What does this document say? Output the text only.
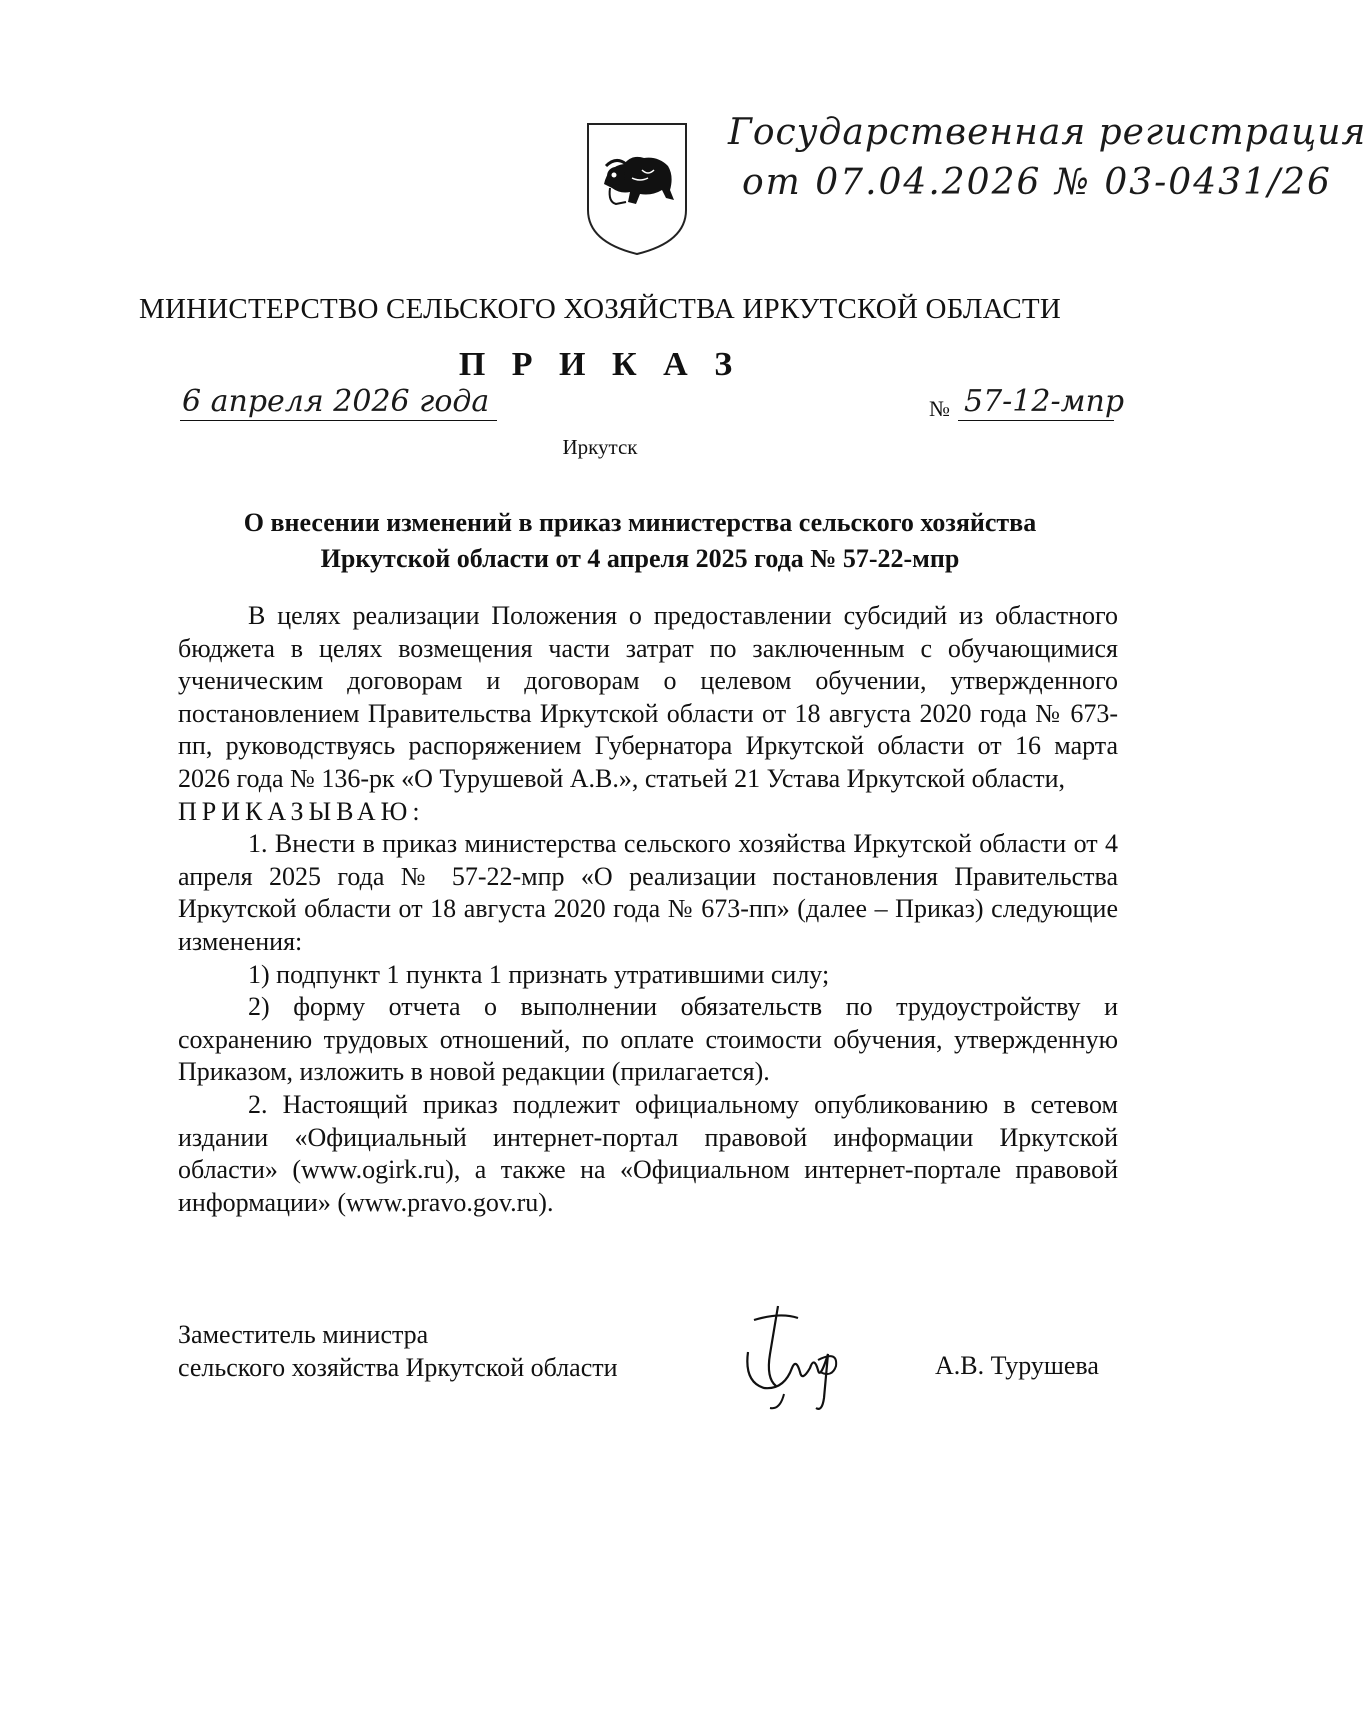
Государственная регистрация
от 07.04.2026 № 03-0431/26
МИНИСТЕРСТВО СЕЛЬСКОГО ХОЗЯЙСТВА ИРКУТСКОЙ ОБЛАСТИ
П Р И К А З
6 апреля 2026 года	№ 57-12-мпр
Иркутск
О внесении изменений в приказ министерства сельского хозяйства
Иркутской области от 4 апреля 2025 года № 57-22-мпр

В целях реализации Положения о предоставлении субсидий из областного бюджета в целях возмещения части затрат по заключенным с обучающимися ученическим договорам и договорам о целевом обучении, утвержденного постановлением Правительства Иркутской области от 18 августа 2020 года № 673-пп, руководствуясь распоряжением Губернатора Иркутской области от 16 марта 2026 года № 136-рк «О Турушевой А.В.», статьей 21 Устава Иркутской области,

ПРИКАЗЫВАЮ:

1. Внести в приказ министерства сельского хозяйства Иркутской области от 4 апреля 2025 года № 57-22-мпр «О реализации постановления Правительства Иркутской области от 18 августа 2020 года № 673-пп» (далее – Приказ) следующие изменения:

1) подпункт 1 пункта 1 признать утратившими силу;

2) форму отчета о выполнении обязательств по трудоустройству и сохранению трудовых отношений, по оплате стоимости обучения, утвержденную Приказом, изложить в новой редакции (прилагается).

2. Настоящий приказ подлежит официальному опубликованию в сетевом издании «Официальный интернет-портал правовой информации Иркутской области» (www.ogirk.ru), а также на «Официальном интернет-портале правовой информации» (www.pravo.gov.ru).

Заместитель министра
сельского хозяйства Иркутской области	А.В. Турушева
